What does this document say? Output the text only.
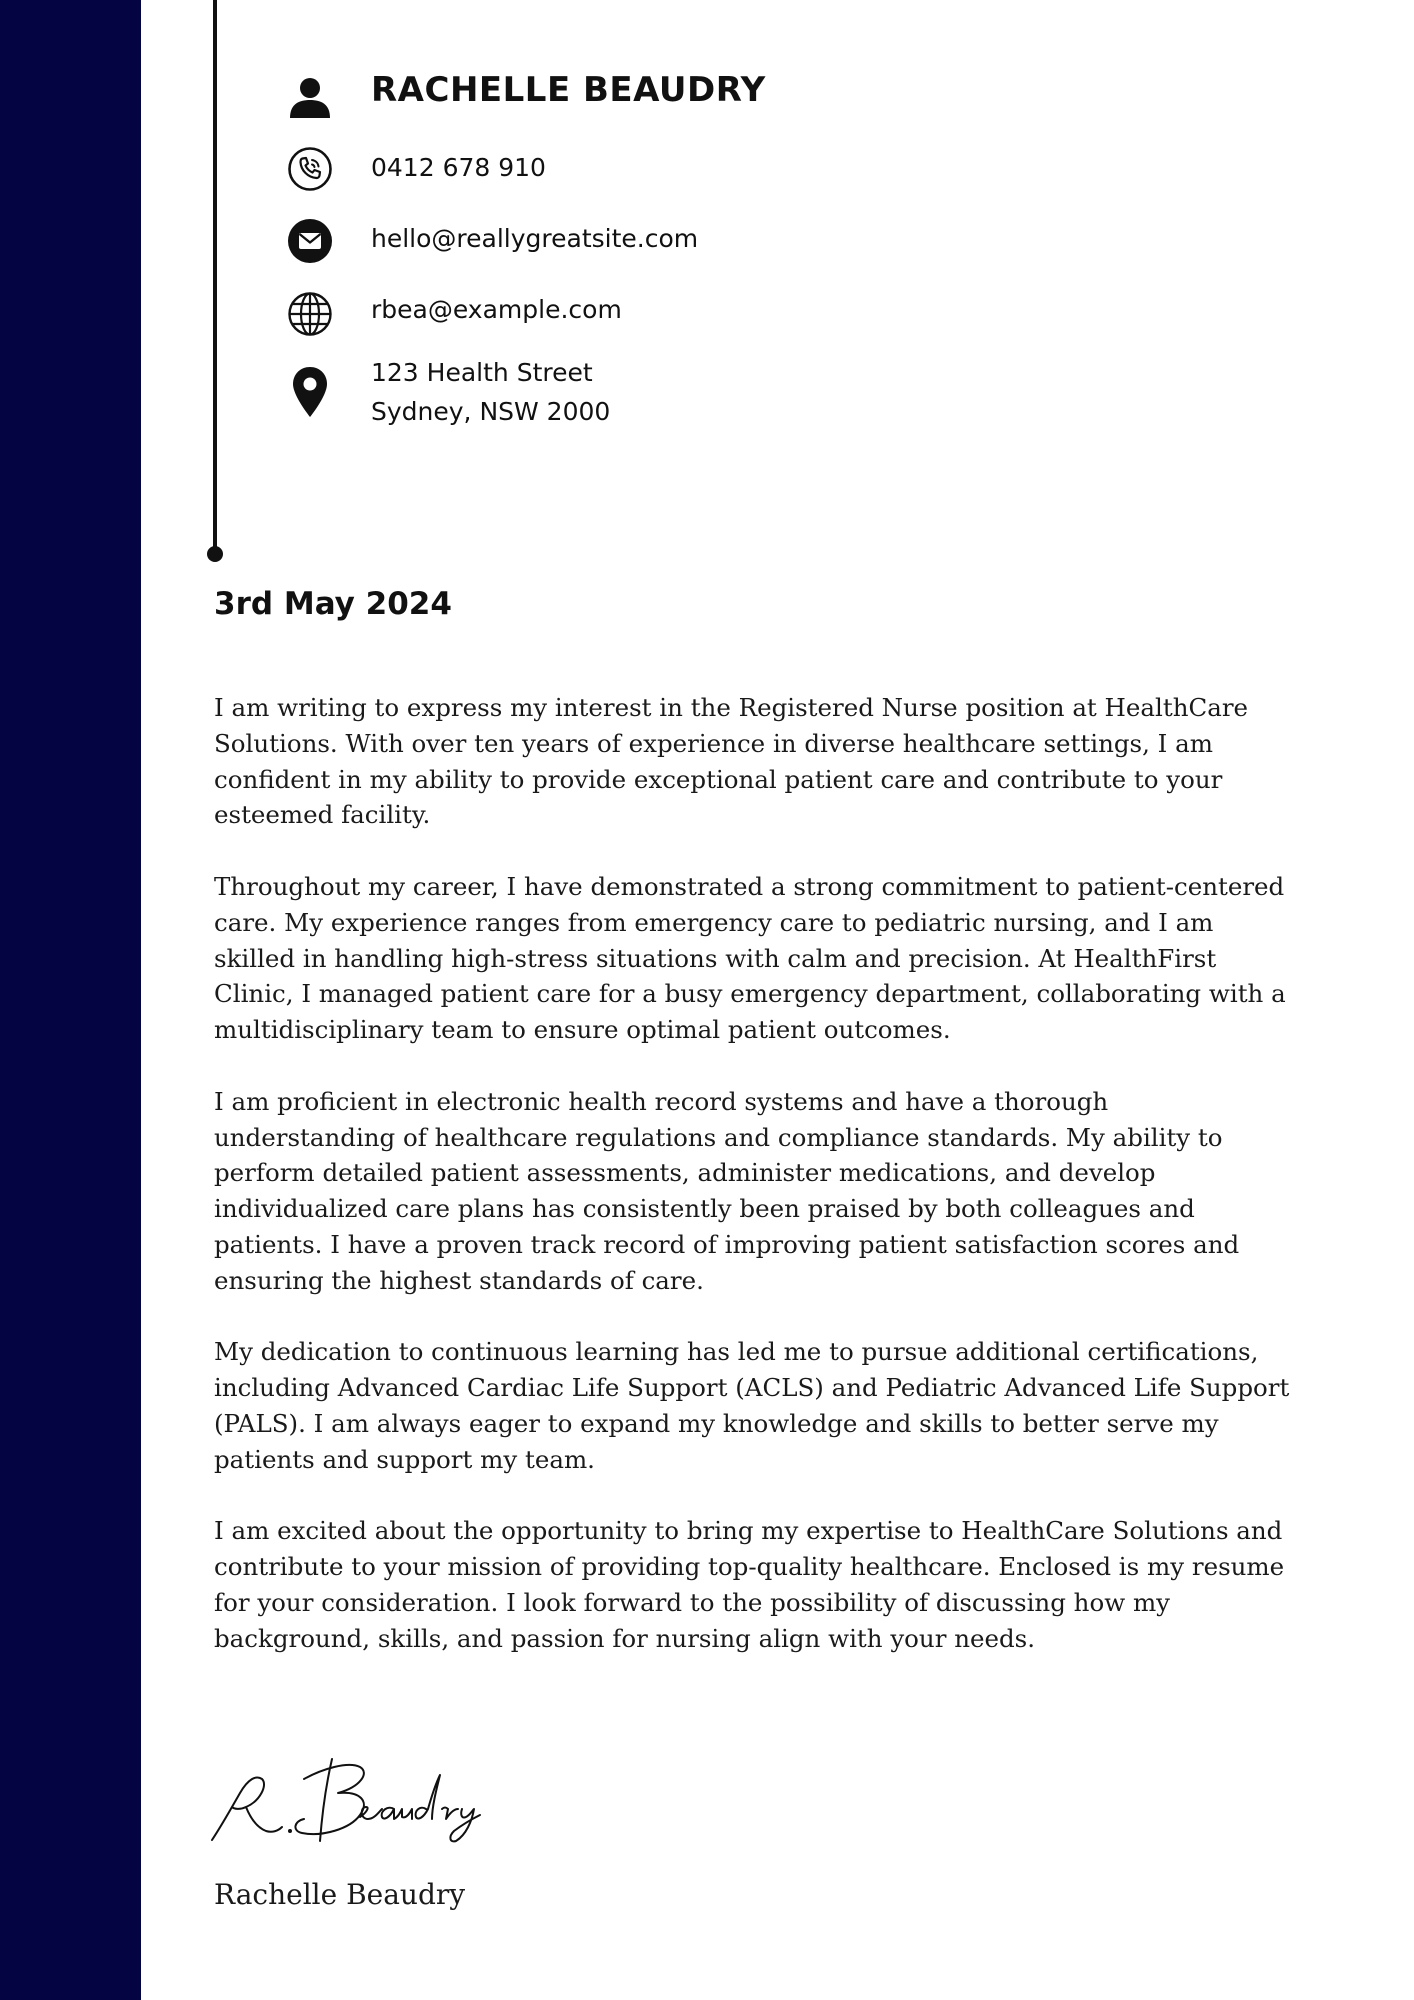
RACHELLE BEAUDRY
0412 678 910
hello@reallygreatsite.com
rbea@example.com
123 Health Street
Sydney, NSW 2000
3rd May 2024

I am writing to express my interest in the Registered Nurse position at HealthCare Solutions. With over ten years of experience in diverse healthcare settings, I am confident in my ability to provide exceptional patient care and contribute to your esteemed facility.

Throughout my career, I have demonstrated a strong commitment to patient-centered care. My experience ranges from emergency care to pediatric nursing, and I am skilled in handling high-stress situations with calm and precision. At HealthFirst Clinic, I managed patient care for a busy emergency department, collaborating with a multidisciplinary team to ensure optimal patient outcomes.

I am proficient in electronic health record systems and have a thorough understanding of healthcare regulations and compliance standards. My ability to perform detailed patient assessments, administer medications, and develop individualized care plans has consistently been praised by both colleagues and patients. I have a proven track record of improving patient satisfaction scores and ensuring the highest standards of care.

My dedication to continuous learning has led me to pursue additional certifications, including Advanced Cardiac Life Support (ACLS) and Pediatric Advanced Life Support (PALS). I am always eager to expand my knowledge and skills to better serve my patients and support my team.

I am excited about the opportunity to bring my expertise to HealthCare Solutions and contribute to your mission of providing top-quality healthcare. Enclosed is my resume for your consideration. I look forward to the possibility of discussing how my background, skills, and passion for nursing align with your needs.

Rachelle Beaudry
